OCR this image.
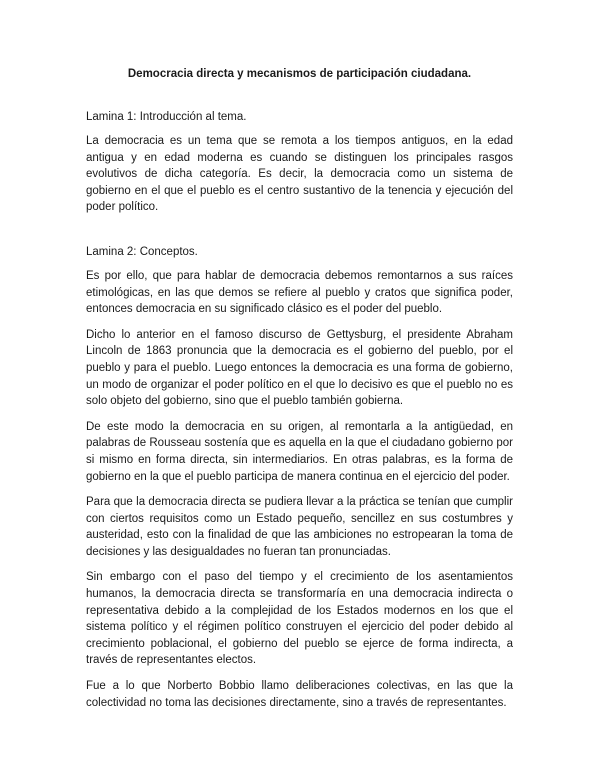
Democracia directa y mecanismos de participación ciudadana.
Lamina 1: Introducción al tema.

La democracia es un tema que se remota a los tiempos antiguos, en la edad antigua y en edad moderna es cuando se distinguen los principales rasgos evolutivos de dicha categoría. Es decir, la democracia como un sistema de gobierno en el que el pueblo es el centro sustantivo de la tenencia y ejecución del poder político.

Lamina 2: Conceptos.

Es por ello, que para hablar de democracia debemos remontarnos a sus raíces etimológicas, en las que demos se refiere al pueblo y cratos que significa poder, entonces democracia en su significado clásico es el poder del pueblo.

Dicho lo anterior en el famoso discurso de Gettysburg, el presidente Abraham Lincoln de 1863 pronuncia que la democracia es el gobierno del pueblo, por el pueblo y para el pueblo. Luego entonces la democracia es una forma de gobierno, un modo de organizar el poder político en el que lo decisivo es que el pueblo no es solo objeto del gobierno, sino que el pueblo también gobierna.

De este modo la democracia en su origen, al remontarla a la antigüedad, en palabras de Rousseau sostenía que es aquella en la que el ciudadano gobierno por si mismo en forma directa, sin intermediarios. En otras palabras, es la forma de gobierno en la que el pueblo participa de manera continua en el ejercicio del poder.

Para que la democracia directa se pudiera llevar a la práctica se tenían que cumplir con ciertos requisitos como un Estado pequeño, sencillez en sus costumbres y austeridad, esto con la finalidad de que las ambiciones no estropearan la toma de decisiones y las desigualdades no fueran tan pronunciadas.

Sin embargo con el paso del tiempo y el crecimiento de los asentamientos humanos, la democracia directa se transformaría en una democracia indirecta o representativa debido a la complejidad de los Estados modernos en los que el sistema político y el régimen político construyen el ejercicio del poder debido al crecimiento poblacional, el gobierno del pueblo se ejerce de forma indirecta, a través de representantes electos.

Fue a lo que Norberto Bobbio llamo deliberaciones colectivas, en las que la colectividad no toma las decisiones directamente, sino a través de representantes.
